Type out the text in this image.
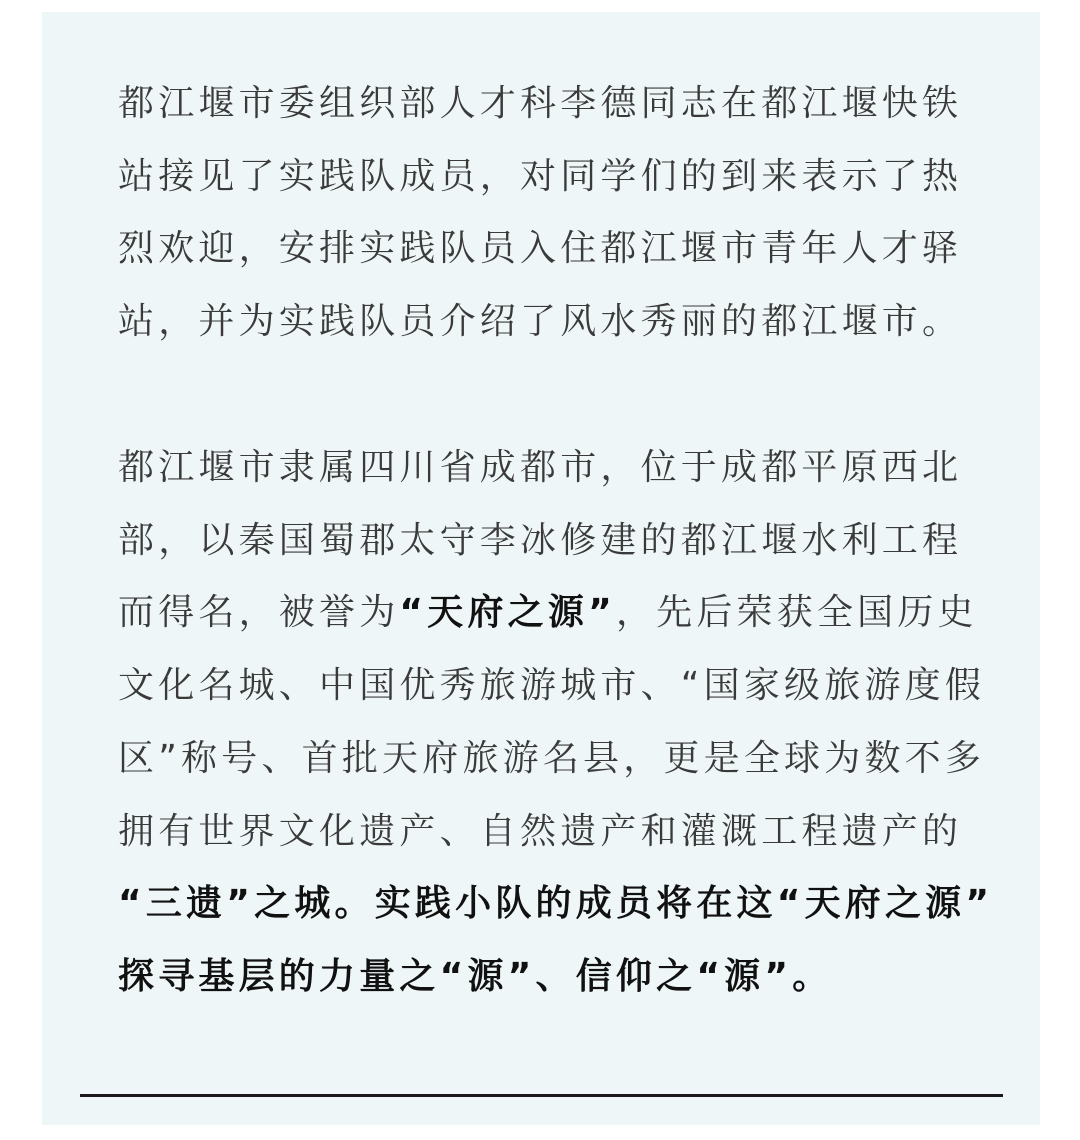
都江堰市委组织部人才科李德同志在都江堰快铁
站接见了实践队成员，对同学们的到来表示了热
烈欢迎，安排实践队员入住都江堰市青年人才驿
站，并为实践队员介绍了风水秀丽的都江堰市。
都江堰市隶属四川省成都市，位于成都平原西北
部，以秦国蜀郡太守李冰修建的都江堰水利工程
而得名，被誉为“天府之源”，先后荣获全国历史
文化名城、中国优秀旅游城市、“国家级旅游度假
区”称号、首批天府旅游名县，更是全球为数不多
拥有世界文化遗产、自然遗产和灌溉工程遗产的
“三遗”之城。实践小队的成员将在这“天府之源”
探寻基层的力量之“源”、信仰之“源”。
